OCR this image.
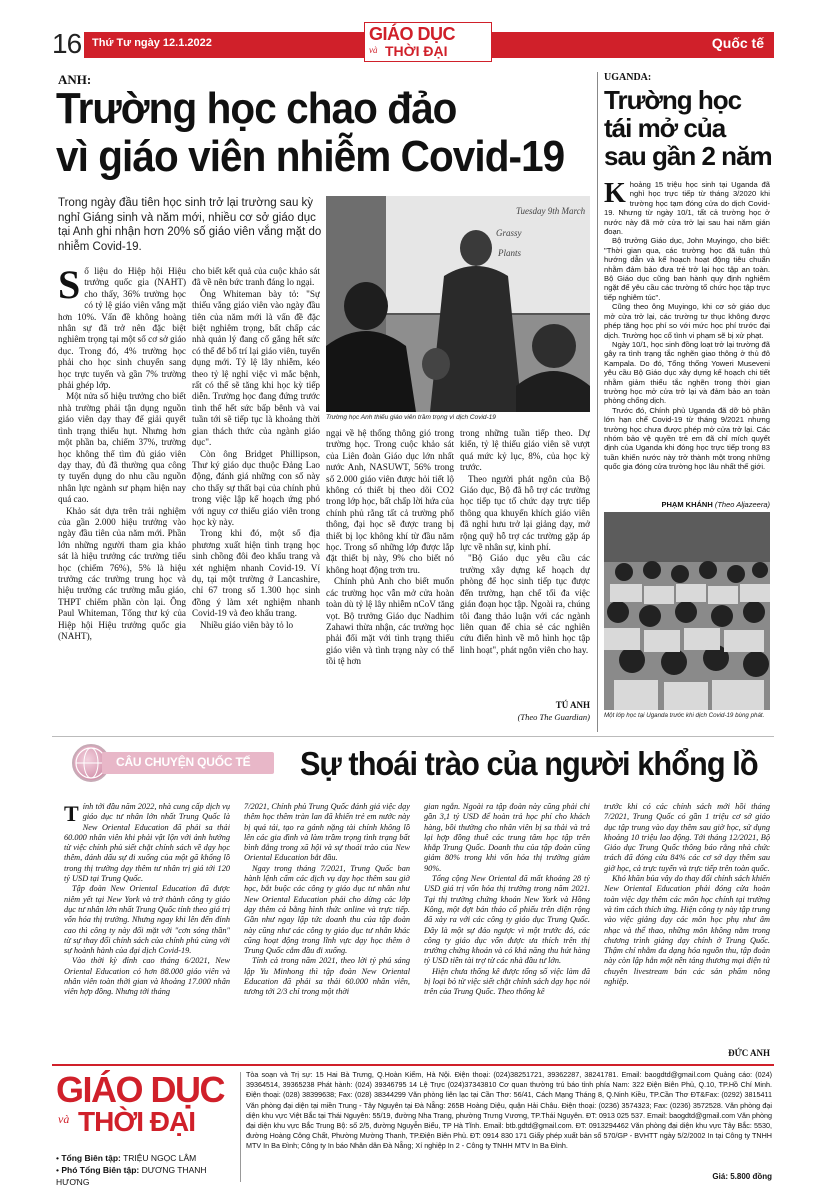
16 Thứ Tư ngày 12.1.2022	GIÁO DỤC
và THỜI ĐẠI	Quốc tế
ANH:
Trường học chao đảo
vì giáo viên nhiễm Covid-19
Trong ngày đầu tiên học sinh trở lại trường sau kỳ nghỉ Giáng sinh và năm mới, nhiều cơ sở giáo dục tại Anh ghi nhận hơn 20% số giáo viên vắng mặt do nhiễm Covid-19.
S ố liệu do Hiệp hội Hiệu trưởng quốc gia (NAHT) cho thấy, 36% trường học có tỷ lệ giáo viên vắng mặt hơn 10%. Vấn đề không hoàng nhân sự đã trở nên đặc biệt nghiêm trọng tại một số cơ sở giáo dục. Trong đó, 4% trường học phải cho học sinh chuyển sang học trực tuyến và gần 7% trường phải ghép lớp.

Một nửa số hiệu trưởng cho biết nhà trường phải tận dụng nguồn giáo viên dạy thay để giải quyết tình trạng thiếu hụt. Nhưng hơn một phần ba, chiếm 37%, trường học không thể tìm đủ giáo viên dạy thay, đủ đã thường qua công ty tuyển dụng do nhu cầu nguồn nhân lực ngành sư phạm hiện nay quá cao.

Khảo sát dựa trên trải nghiệm của gần 2.000 hiệu trưởng vào ngày đầu tiên của năm mới. Phần lớn những người tham gia khảo sát là hiệu trưởng các trường tiểu học (chiếm 76%), 5% là hiệu trưởng các trường trung học và hiệu trưởng các trường mẫu giáo, THPT chiếm phần còn lại. Ông Paul Whiteman, Tổng thư ký của Hiệp hội Hiệu trưởng quốc gia (NAHT),

cho biết kết quả của cuộc khảo sát đã về nên bức tranh đáng lo ngại.

Ông Whiteman bày tỏ: "Sự thiếu vắng giáo viên vào ngày đầu tiên của năm mới là vấn đề đặc biệt nghiêm trọng, bất chấp các nhà quản lý đang cố gắng hết sức có thể để bố trí lại giáo viên, tuyển dụng mới. Tỷ lệ lây nhiễm, kéo theo tỷ lệ nghỉ việc vì mắc bệnh, rất có thể sẽ tăng khi học kỳ tiếp diễn. Trường học đang đứng trước tình thế hết sức bấp bênh và vai tuần tới sẽ tiếp tục là khoảng thời gian thách thức của ngành giáo dục".

Còn ông Bridget Phillipson, Thư ký giáo dục thuộc Đảng Lao động, đánh giá những con số này cho thấy sự thất bại của chính phủ trong việc lập kế hoạch ứng phó với nguy cơ thiếu giáo viên trong học kỳ này.

Trong khi đó, một số địa phương xuất hiện tình trạng học sinh chồng đôi đeo khẩu trang và xét nghiệm nhanh Covid-19. Ví dụ, tại một trường ở Lancashire, chỉ 67 trong số 1.300 học sinh đồng ý làm xét nghiệm nhanh Covid-19 và đeo khẩu trang.

Nhiều giáo viên bày tỏ lo

Tuesday 9th March
Grassy
Plants
Trường học Anh thiếu giáo viên trầm trọng vì dịch Covid-19
ngại về hệ thống thông gió trong trường học. Trong cuộc khảo sát của Liên đoàn Giáo dục lớn nhất nước Anh, NASUWT, 56% trong số 2.000 giáo viên được hỏi tiết lộ không có thiết bị theo dõi CO2 trong lớp học, bất chấp lời hứa của chính phủ rằng tất cả trường phổ thông, đại học sẽ được trang bị thiết bị lọc không khí từ đầu năm học. Trong số những lớp được lắp đặt thiết bị này, 9% cho biết nó không hoạt động trơn tru.

Chính phủ Anh cho biết muốn các trường học vẫn mở cửa hoàn toàn dù tỷ lệ lây nhiễm nCoV tăng vọt. Bộ trưởng Giáo dục Nadhim Zahawi thừa nhận, các trường học phải đối mặt với tình trạng thiếu giáo viên và tình trạng này có thể tồi tệ hơn

trong những tuần tiếp theo. Dự kiến, tỷ lệ thiếu giáo viên sẽ vượt quá mức kỷ lục, 8%, của học kỳ trước.

Theo người phát ngôn của Bộ Giáo dục, Bộ đã hỗ trợ các trường học tiếp tục tổ chức dạy trực tiếp thông qua khuyến khích giáo viên đã nghỉ hưu trở lại giảng dạy, mở rộng quỹ hỗ trợ các trường gặp áp lực về nhân sự, kinh phí.

"Bộ Giáo dục yêu cầu các trường xây dựng kế hoạch dự phòng để học sinh tiếp tục được đến trường, hạn chế tối đa việc gián đoạn học tập. Ngoài ra, chúng tôi đang thảo luận với các ngành liên quan để chia sẻ các nghiên cứu điển hình về mô hình học tập linh hoạt", phát ngôn viên cho hay.

TÚ ANH
(Theo The Guardian)
UGANDA:
Trường học
tái mở của
sau gần 2 năm
K hoảng 15 triệu học sinh tại Uganda đã nghỉ học trực tiếp từ tháng 3/2020 khi trường học tạm đóng cửa do dịch Covid-19. Nhưng từ ngày 10/1, tất cả trường học ở nước này đã mở cửa trở lại sau hai năm gián đoạn.

Bộ trưởng Giáo dục, John Muyingo, cho biết: "Thời gian qua, các trường học đã tuân thủ hướng dẫn và kế hoạch hoạt động tiêu chuẩn nhằm đảm bảo đưa trẻ trở lại học tập an toàn. Bộ Giáo dục cũng ban hành quy định nghiêm ngặt để yêu cầu các trường tổ chức học tập trực tiếp nghiêm túc".

Cũng theo ông Muyingo, khi cơ sở giáo dục mở cửa trở lại, các trường tư thục không được phép tăng học phí so với mức học phí trước đại dịch. Trường học cố tình vi phạm sẽ bị xử phạt.

Ngày 10/1, học sinh đồng loạt trở lại trường đã gây ra tình trạng tắc nghẽn giao thông ở thủ đô Kampala. Do đó, Tổng thống Yoweri Museveni yêu cầu Bộ Giáo dục xây dựng kế hoạch chi tiết nhằm giảm thiểu tắc nghẽn trong thời gian trường học mở cửa trở lại và đảm bảo an toàn phòng chống dịch.

Trước đó, Chính phủ Uganda đã dỡ bỏ phần lớn hạn chế Covid-19 từ tháng 9/2021 nhưng trường học chưa được phép mở cửa trở lại. Các nhóm bảo vệ quyền trẻ em đã chỉ mích quyết định của Uganda khi đóng học trực tiếp trong 83 tuần khiến nước này trở thành một trong những quốc gia đóng cửa trường học lâu nhất thế giới.

PHẠM KHÁNH (Theo Aljazeera)
Một lớp học tại Uganda trước khi dịch Covid-19 bùng phát.
CÂU CHUYỆN QUỐC TẾ Sự thoái trào của người khổng lồ
T ính tới đầu năm 2022, nhà cung cấp dịch vụ giáo dục tư nhân lớn nhất Trung Quốc là New Oriental Education đã phải sa thải 60.000 nhân viên khi phải vật lộn với ảnh hưởng từ việc chính phủ siết chặt chính sách về dạy học thêm, đánh dấu sự đi xuống của một gã khổng lồ trong thị trường dạy thêm tư nhân trị giá tới 120 tỷ USD tại Trung Quốc.

Tập đoàn New Oriental Education đã được niêm yết tại New York và trở thành công ty giáo dục tư nhân lớn nhất Trung Quốc tính theo giá trị vốn hóa thị trường. Nhưng ngay khi lên đến đỉnh cao thì công ty này đối mặt với "cơn sóng thần" từ sự thay đổi chính sách của chính phủ cùng với sự hoành hành của đại dịch Covid-19.

Vào thời kỳ đỉnh cao tháng 6/2021, New Oriental Education có hơn 88.000 giáo viên và nhân viên toàn thời gian và khoảng 17.000 nhân viên hợp đồng. Nhưng tới tháng

7/2021, Chính phủ Trung Quốc đánh giá việc dạy thêm học thêm tràn lan đã khiến trẻ em nước này bị quá tải, tạo ra gánh nặng tài chính không lồ lên các gia đình và làm trầm trọng tình trạng bất bình đẳng trong xã hội và sự thoái trào của New Oriental Education bắt đầu.

Ngay trong tháng 7/2021, Trung Quốc ban hành lệnh cấm các dịch vụ dạy học thêm sau giờ học, bắt buộc các công ty giáo dục tư nhân như New Oriental Education phải cho dừng các lớp dạy thêm cả bằng hình thức online và trực tiếp. Gần như ngay lập tức doanh thu của tập đoàn này cũng như các công ty giáo dục tư nhân khác cũng hoạt động trong lĩnh vực dạy học thêm ở Trung Quốc cắm đầu đi xuống.

Tính cả trong năm 2021, theo lời tỷ phú sáng lập Yu Minhong thì tập đoàn New Oriental Education đã phải sa thải 60.000 nhân viên, tương tới 2/3 chỉ trong một thời

gian ngắn. Ngoài ra tập đoàn này cũng phải chi gần 3,1 tỷ USD để hoàn trả học phí cho khách hàng, bồi thường cho nhân viên bị sa thải và trả lại hợp đồng thuê các trung tâm học tập trên khắp Trung Quốc. Doanh thu của tập đoàn cũng giảm 80% trong khi vốn hóa thị trường giảm 90%.

Tổng cộng New Oriental đã mất khoảng 28 tỷ USD giá trị vốn hóa thị trường trong năm 2021. Tại thị trường chứng khoán New York và Hồng Kông, một đợt bán tháo cổ phiếu trên diện rộng đã xảy ra với các công ty giáo dục Trung Quốc. Đây là một sự đảo ngược vì một trước đó, các công ty giáo dục vốn được ưa thích trên thị trường chứng khoán và có khả năng thu hút hàng tỷ USD tiền tài trợ từ các nhà đầu tư lớn.

Hiện chưa thống kê được tổng số việc làm đã bị loại bỏ từ việc siết chặt chính sách dạy học nói trên của Trung Quốc. Theo thống kê

trước khi có các chính sách mới hồi tháng 7/2021, Trung Quốc có gần 1 triệu cơ sở giáo dục tập trung vào dạy thêm sau giờ học, sử dụng khoảng 10 triệu lao động. Tới tháng 12/2021, Bộ Giáo dục Trung Quốc thông báo rằng nhà chức trách đã đóng cửa 84% các cơ sở dạy thêm sau giờ học, cả trực tuyến và trực tiếp trên toàn quốc.

Khó khăn bủa vây do thay đổi chính sách khiến New Oriental Education phải đóng cửa hoàn toàn việc dạy thêm các môn học chính tại trường và tìm cách thích ứng. Hiện công ty này tập trung vào việc giảng dạy các môn học phụ như âm nhạc và thể thao, những môn không nằm trong chương trình giảng dạy chính ở Trung Quốc. Thậm chí nhằm đa dạng hóa nguồn thu, tập đoàn này còn lập hẳn một nền tảng thương mại điện tử chuyên livestream bán các sản phẩm nông nghiệp.

ĐỨC ANH
GIÁO DỤC
và THỜI ĐẠI
• Tổng Biên tập: TRIỆU NGỌC LÂM
• Phó Tổng Biên tập: DƯƠNG THANH HƯƠNG
Tòa soạn và Trị sự: 15 Hai Bà Trưng, Q.Hoàn Kiếm, Hà Nội. Điện thoại: (024)38251721, 39362287, 38241781. Email: baogdtd@gmail.com Quảng cáo: (024) 39364514, 39365238 Phát hành: (024) 39346795 14 Lệ Trực (024)37343810 Cơ quan thường trú báo tỉnh phía Nam: 322 Điện Biên Phủ, Q.10, TP.Hồ Chí Minh. Điện thoại: (028) 38399638; Fax: (028) 38344299 Văn phòng liên lạc tại Cần Thơ: 56/41, Cách Mạng Tháng 8, Q.Ninh Kiều, TP.Cần Thơ ĐT&Fax: (0292) 3815411 Văn phòng đại diện tại miền Trung - Tây Nguyên tại Đà Nẵng: 265B Hoàng Diệu, quận Hải Châu. Điện thoại: (0236) 3574323; Fax: (0236) 3572528. Văn phòng đại diện khu vực Việt Bắc tại Thái Nguyên: 55/19, đường Nha Trang, phường Trưng Vương, TP.Thái Nguyên. ĐT: 0913 025 537. Email: baogdtd@gmail.com Văn phòng đại diện khu vực Bắc Trung Bộ: số 2/5, đường Nguyễn Biểu, TP Hà Tĩnh. Email: btb.gdtd@gmail.com. ĐT: 0913294462 Văn phòng đại diện khu vực Tây Bắc: 5530, đường Hoàng Công Chất, Phường Mường Thanh, TP.Điện Biên Phủ. ĐT: 0914 830 171 Giấy phép xuất bản số 570/GP - BVHTT ngày 5/2/2002 In tại Công ty TNHH MTV In Ba Đình; Công ty In báo Nhân dân Đà Nẵng; Xí nghiệp In 2 - Công ty TNHH MTV In Ba Đình.
Giá: 5.800 đồng
